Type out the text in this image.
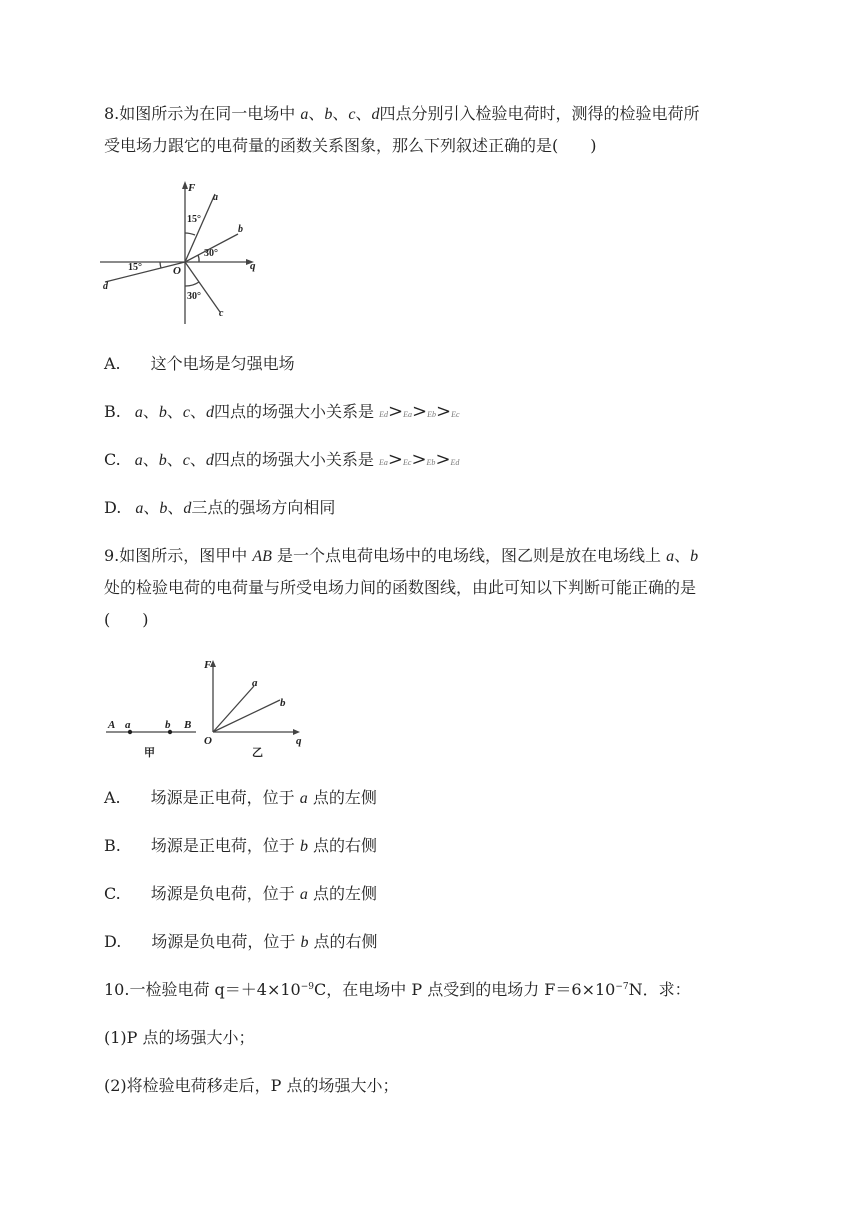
8.如图所示为在同一电场中 a、b、c、d四点分别引入检验电荷时，测得的检验电荷所
受电场力跟它的电荷量的函数关系图象，那么下列叙述正确的是(　　)
F
a
15°
b
30°
q
O
15°
d
30°
c
A. 这个电场是匀强电场
B. a、b、c、d四点的场强大小关系是 Ed>Ea>Eb>Ec
C. a、b、c、d四点的场强大小关系是 Ea>Ec>Eb>Ed
D. a、b、d三点的强场方向相同
9.如图所示，图甲中 AB 是一个点电荷电场中的电场线，图乙则是放在电场线上 a、b
处的检验电荷的电荷量与所受电场力间的函数图线，由此可知以下判断可能正确的是
(　　)
A a	b B
甲
F
a
b
O	q
乙
A. 场源是正电荷，位于 a 点的左侧
B. 场源是正电荷，位于 b 点的右侧
C. 场源是负电荷，位于 a 点的左侧
D. 场源是负电荷，位于 b 点的右侧
10.一检验电荷 $q=+4\times 10^{-9}C$，在电场中 P 点受到的电场力 $F=6\times 10^{-7}N$．求：
(1)P 点的场强大小；
(2)将检验电荷移走后，P 点的场强大小；
